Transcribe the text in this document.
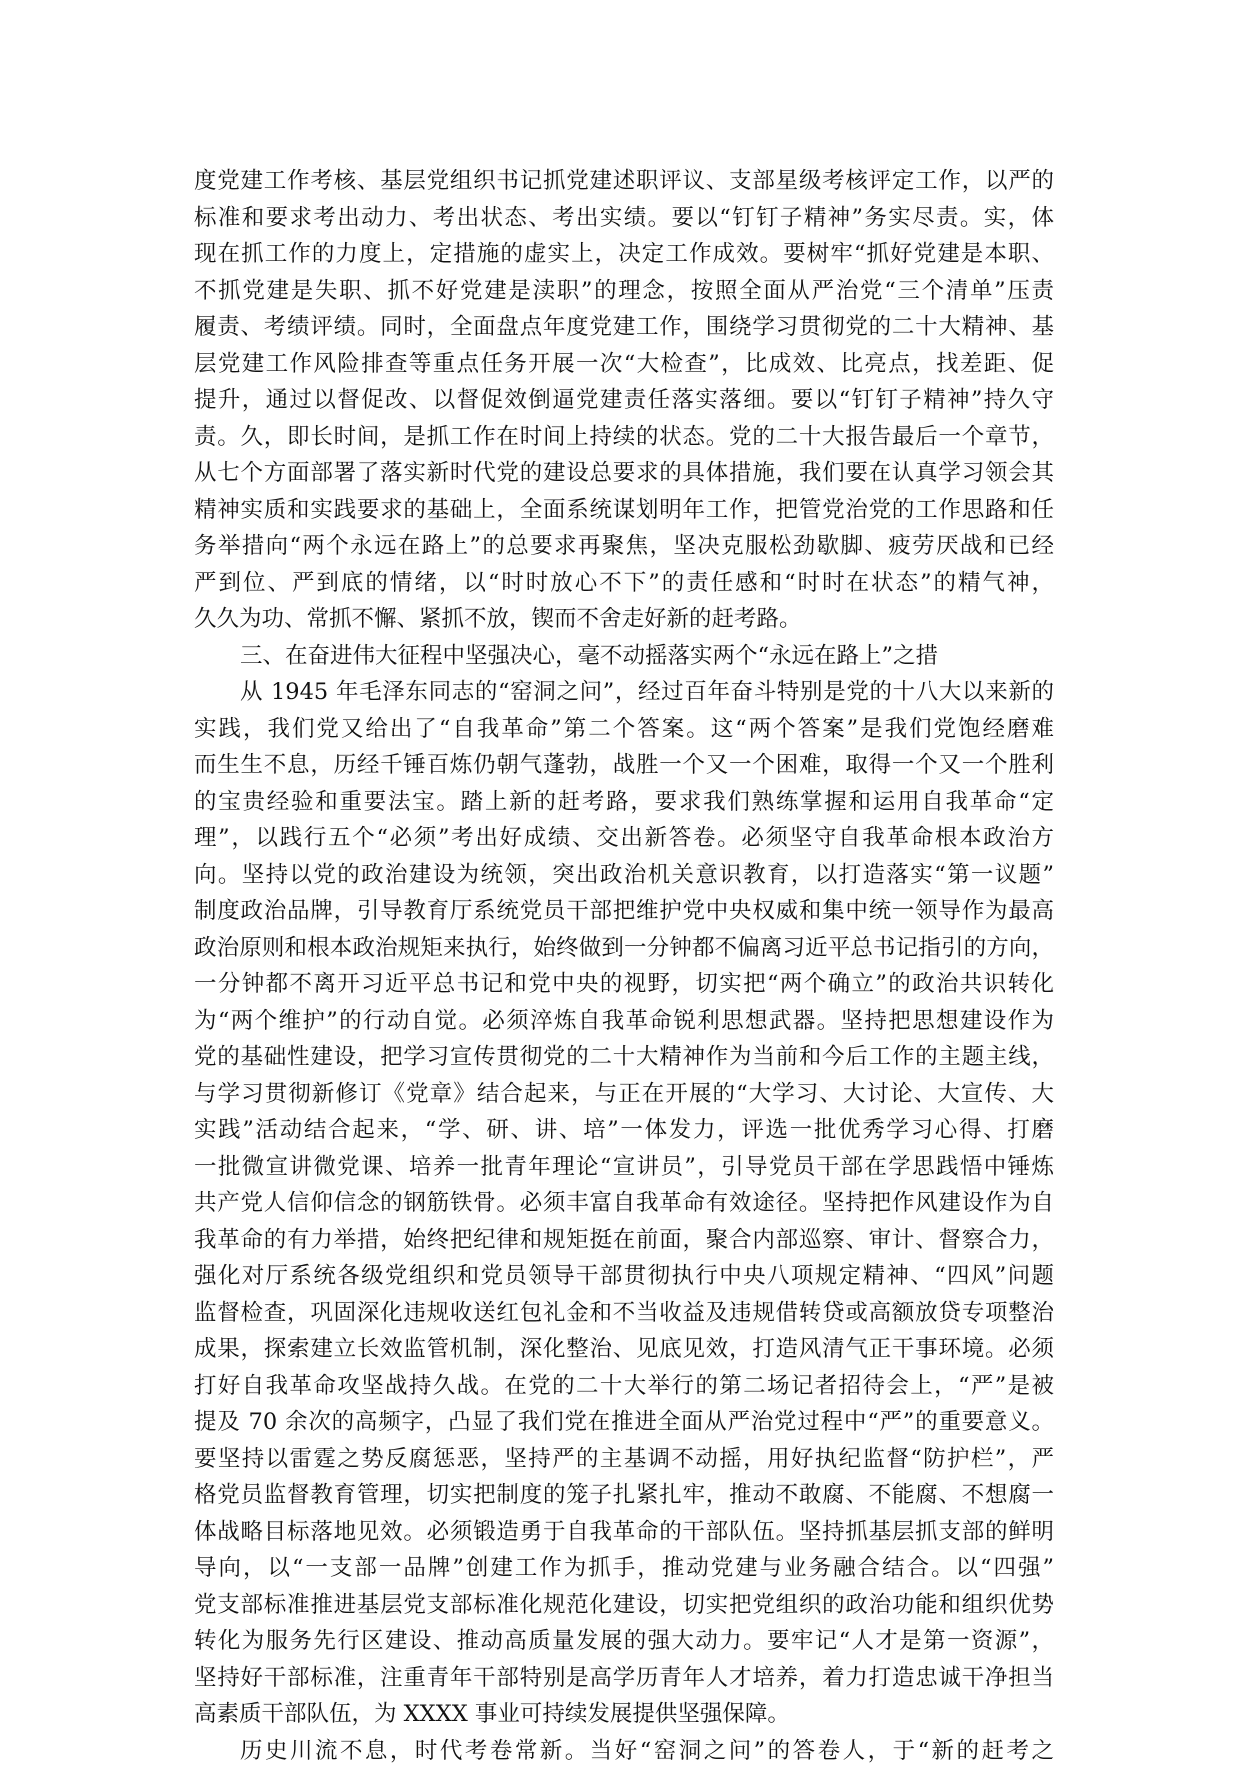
度党建工作考核、基层党组织书记抓党建述职评议、支部星级考核评定工作，以严的
标准和要求考出动力、考出状态、考出实绩。要以“钉钉子精神”务实尽责。实，体
现在抓工作的力度上，定措施的虚实上，决定工作成效。要树牢“抓好党建是本职、
不抓党建是失职、抓不好党建是渎职”的理念，按照全面从严治党“三个清单”压责
履责、考绩评绩。同时，全面盘点年度党建工作，围绕学习贯彻党的二十大精神、基
层党建工作风险排查等重点任务开展一次“大检查”，比成效、比亮点，找差距、促
提升，通过以督促改、以督促效倒逼党建责任落实落细。要以“钉钉子精神”持久守
责。久，即长时间，是抓工作在时间上持续的状态。党的二十大报告最后一个章节，
从七个方面部署了落实新时代党的建设总要求的具体措施，我们要在认真学习领会其
精神实质和实践要求的基础上，全面系统谋划明年工作，把管党治党的工作思路和任
务举措向“两个永远在路上”的总要求再聚焦，坚决克服松劲歇脚、疲劳厌战和已经
严到位、严到底的情绪，以“时时放心不下”的责任感和“时时在状态”的精气神，
久久为功、常抓不懈、紧抓不放，锲而不舍走好新的赶考路。
三、在奋进伟大征程中坚强决心，毫不动摇落实两个“永远在路上”之措
从 1945 年毛泽东同志的“窑洞之问”，经过百年奋斗特别是党的十八大以来新的
实践，我们党又给出了“自我革命”第二个答案。这“两个答案”是我们党饱经磨难
而生生不息，历经千锤百炼仍朝气蓬勃，战胜一个又一个困难，取得一个又一个胜利
的宝贵经验和重要法宝。踏上新的赶考路，要求我们熟练掌握和运用自我革命“定
理”，以践行五个“必须”考出好成绩、交出新答卷。必须坚守自我革命根本政治方
向。坚持以党的政治建设为统领，突出政治机关意识教育，以打造落实“第一议题”
制度政治品牌，引导教育厅系统党员干部把维护党中央权威和集中统一领导作为最高
政治原则和根本政治规矩来执行，始终做到一分钟都不偏离习近平总书记指引的方向，
一分钟都不离开习近平总书记和党中央的视野，切实把“两个确立”的政治共识转化
为“两个维护”的行动自觉。必须淬炼自我革命锐利思想武器。坚持把思想建设作为
党的基础性建设，把学习宣传贯彻党的二十大精神作为当前和今后工作的主题主线，
与学习贯彻新修订《党章》结合起来，与正在开展的“大学习、大讨论、大宣传、大
实践”活动结合起来，“学、研、讲、培”一体发力，评选一批优秀学习心得、打磨
一批微宣讲微党课、培养一批青年理论“宣讲员”，引导党员干部在学思践悟中锤炼
共产党人信仰信念的钢筋铁骨。必须丰富自我革命有效途径。坚持把作风建设作为自
我革命的有力举措，始终把纪律和规矩挺在前面，聚合内部巡察、审计、督察合力，
强化对厅系统各级党组织和党员领导干部贯彻执行中央八项规定精神、“四风”问题
监督检查，巩固深化违规收送红包礼金和不当收益及违规借转贷或高额放贷专项整治
成果，探索建立长效监管机制，深化整治、见底见效，打造风清气正干事环境。必须
打好自我革命攻坚战持久战。在党的二十大举行的第二场记者招待会上，“严”是被
提及 70 余次的高频字，凸显了我们党在推进全面从严治党过程中“严”的重要意义。
要坚持以雷霆之势反腐惩恶，坚持严的主基调不动摇，用好执纪监督“防护栏”，严
格党员监督教育管理，切实把制度的笼子扎紧扎牢，推动不敢腐、不能腐、不想腐一
体战略目标落地见效。必须锻造勇于自我革命的干部队伍。坚持抓基层抓支部的鲜明
导向，以“一支部一品牌”创建工作为抓手，推动党建与业务融合结合。以“四强”
党支部标准推进基层党支部标准化规范化建设，切实把党组织的政治功能和组织优势
转化为服务先行区建设、推动高质量发展的强大动力。要牢记“人才是第一资源”，
坚持好干部标准，注重青年干部特别是高学历青年人才培养，着力打造忠诚干净担当
高素质干部队伍，为 XXXX 事业可持续发展提供坚强保障。
历史川流不息，时代考卷常新。当好“窑洞之问”的答卷人，于“新的赶考之
